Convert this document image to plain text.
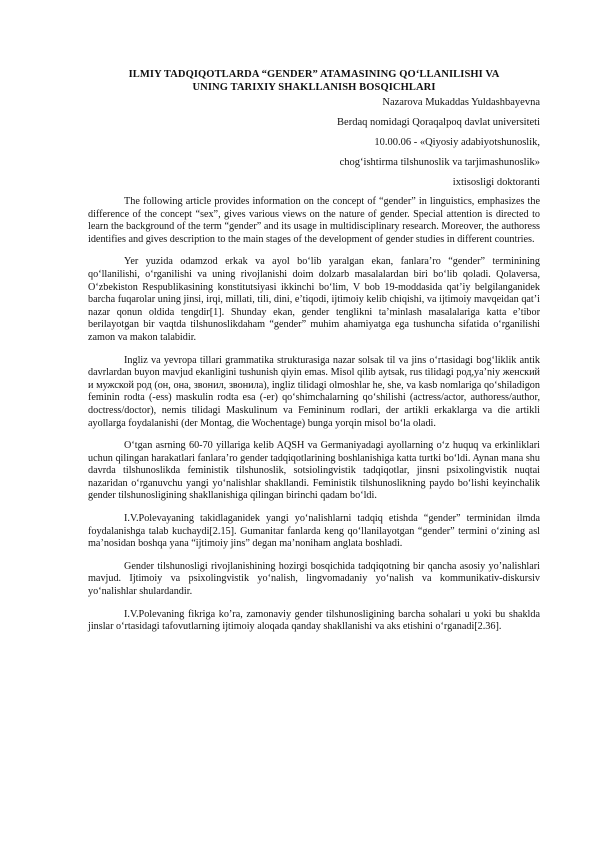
ILMIY TADQIQOTLARDA “GENDER” ATAMASINING QO‘LLANILISHI VA
UNING TARIXIY SHAKLLANISH BOSQICHLARI
Nazarova Mukaddas Yuldashbayevna
Berdaq nomidagi Qoraqalpoq davlat universiteti
10.00.06 - «Qiyosiy adabiyotshunoslik,
chog‘ishtirma tilshunoslik va tarjimashunoslik»
ixtisosligi doktoranti

The following article provides information on the concept of “gender” in linguistics, emphasizes the difference of the concept “sex”, gives various views on the nature of gender. Special attention is directed to learn the background of the term “gender” and its usage in multidisciplinary research. Moreover, the authoress identifies and gives description to the main stages of the development of gender studies in different countries.

Yer yuzida odamzod erkak va ayol bo‘lib yaralgan ekan, fanlara’ro “gender” terminining qo‘llanilishi, o‘rganilishi va uning rivojlanishi doim dolzarb masalalardan biri bo‘lib qoladi. Qolaversa, O‘zbekiston Respublikasining konstitutsiyasi ikkinchi bo‘lim, V bob 19-moddasida qat’iy belgilanganidek barcha fuqarolar uning jinsi, irqi, millati, tili, dini, e’tiqodi, ijtimoiy kelib chiqishi, va ijtimoiy mavqeidan qat’i nazar qonun oldida tengdir[1]. Shunday ekan, gender tenglikni ta’minlash masalalariga katta e’tibor berilayotgan bir vaqtda tilshunoslikdaham “gender” muhim ahamiyatga ega tushuncha sifatida o‘rganilishi zamon va makon talabidir.

Ingliz va yevropa tillari grammatika strukturasiga nazar solsak til va jins o‘rtasidagi bog‘liklik antik davrlardan buyon mavjud ekanligini tushunish qiyin emas. Misol qilib aytsak, rus tilidagi род,ya’niy женский и мужской род (он, она, звонил, звонила), ingliz tilidagi olmoshlar he, she, va kasb nomlariga qo‘shiladigon feminin rodta (-ess) maskulin rodta esa (-er) qo‘shimchalarning qo‘shilishi (actress/actor, authoress/author, doctress/doctor), nemis tilidagi Maskulinum va Femininum rodlari, der artikli erkaklarga va die artikli ayollarga foydalanishi (der Montag, die Wochentage) bunga yorqin misol bo‘la oladi.

O‘tgan asrning 60-70 yillariga kelib AQSH va Germaniyadagi ayollarning o‘z huquq va erkinliklari uchun qilingan harakatlari fanlara’ro gender tadqiqotlarining boshlanishiga katta turtki bo‘ldi. Aynan mana shu davrda tilshunoslikda feministik tilshunoslik, sotsiolingvistik tadqiqotlar, jinsni psixolingvistik nuqtai nazaridan o‘rganuvchu yangi yo‘nalishlar shakllandi. Feministik tilshunoslikning paydo bo‘lishi keyinchalik gender tilshunosligining shakllanishiga qilingan birinchi qadam bo‘ldi.

I.V.Polevayaning takidlaganidek yangi yo‘nalishlarni tadqiq etishda “gender” terminidan ilmda foydalanishga talab kuchaydi[2.15]. Gumanitar fanlarda keng qo‘llanilayotgan “gender” termini o‘zining asl ma’nosidan boshqa yana “ijtimoiy jins” degan ma’noniham anglata boshladi.

Gender tilshunosligi rivojlanishining hozirgi bosqichida tadqiqotning bir qancha asosiy yo’nalishlari mavjud. Ijtimoiy va psixolingvistik yo‘nalish, lingvomadaniy yo‘nalish va kommunikativ-diskursiv yo‘nalishlar shulardandir.

I.V.Polevaning fikriga ko’ra, zamonaviy gender tilshunosligining barcha sohalari u yoki bu shaklda jinslar o‘rtasidagi tafovutlarning ijtimoiy aloqada qanday shakllanishi va aks etishini o‘rganadi[2.36].
